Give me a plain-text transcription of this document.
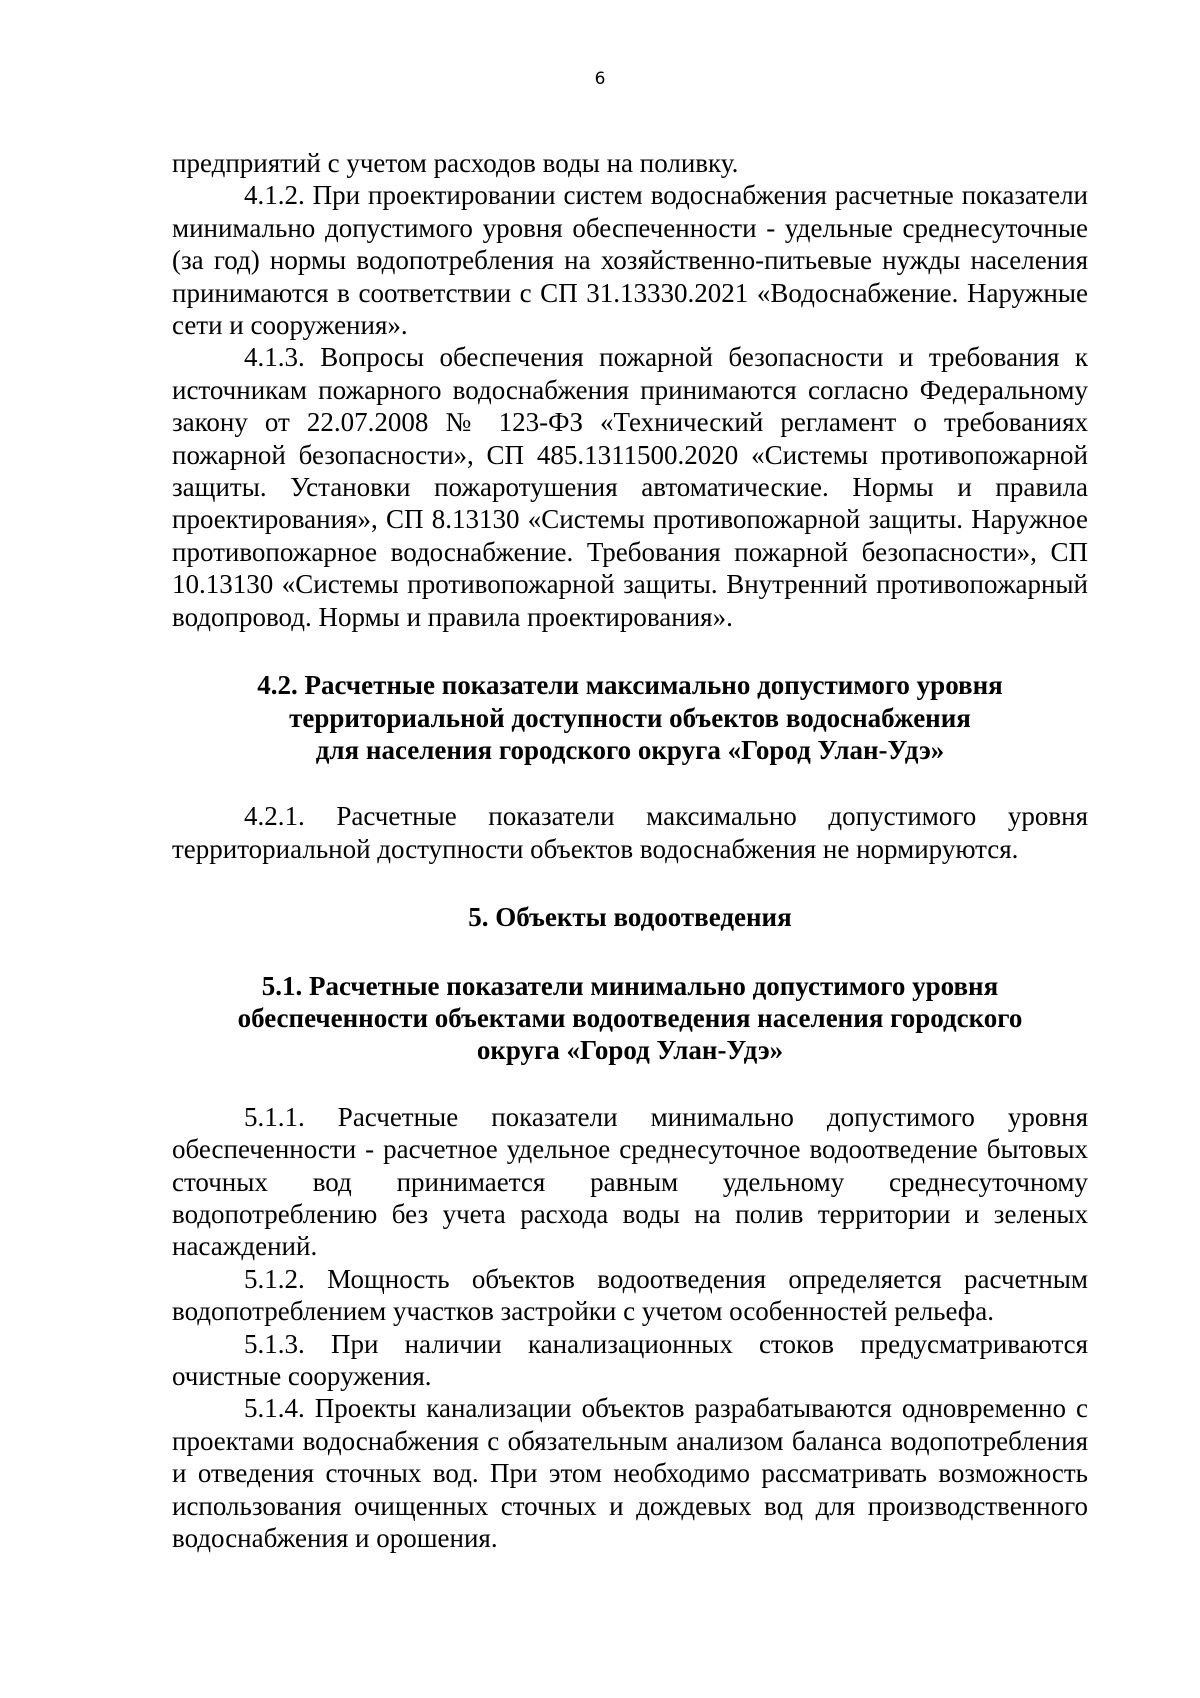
6

предприятий с учетом расходов воды на поливку.

4.1.2. При проектировании систем водоснабжения расчетные показатели минимально допустимого уровня обеспеченности - удельные среднесуточные (за год) нормы водопотребления на хозяйственно-питьевые нужды населения принимаются в соответствии с СП 31.13330.2021 «Водоснабжение. Наружные сети и сооружения».

4.1.3. Вопросы обеспечения пожарной безопасности и требования к источникам пожарного водоснабжения принимаются согласно Федеральному закону от 22.07.2008 № 123-ФЗ «Технический регламент о требованиях пожарной безопасности», СП 485.1311500.2020 «Системы противопожарной защиты. Установки пожаротушения автоматические. Нормы и правила проектирования», СП 8.13130 «Системы противопожарной защиты. Наружное противопожарное водоснабжение. Требования пожарной безопасности», СП 10.13130 «Системы противопожарной защиты. Внутренний противопожарный водопровод. Нормы и правила проектирования».

4.2. Расчетные показатели максимально допустимого уровня
территориальной доступности объектов водоснабжения
для населения городского округа «Город Улан-Удэ»

4.2.1. Расчетные показатели максимально допустимого уровня территориальной доступности объектов водоснабжения не нормируются.

5. Объекты водоотведения
5.1. Расчетные показатели минимально допустимого уровня
обеспеченности объектами водоотведения населения городского
округа «Город Улан-Удэ»

5.1.1. Расчетные показатели минимально допустимого уровня обеспеченности - расчетное удельное среднесуточное водоотведение бытовых сточных вод принимается равным удельному среднесуточному водопотреблению без учета расхода воды на полив территории и зеленых насаждений.

5.1.2. Мощность объектов водоотведения определяется расчетным водопотреблением участков застройки с учетом особенностей рельефа.

5.1.3. При наличии канализационных стоков предусматриваются очистные сооружения.

5.1.4. Проекты канализации объектов разрабатываются одновременно с проектами водоснабжения с обязательным анализом баланса водопотребления и отведения сточных вод. При этом необходимо рассматривать возможность использования очищенных сточных и дождевых вод для производственного водоснабжения и орошения.
